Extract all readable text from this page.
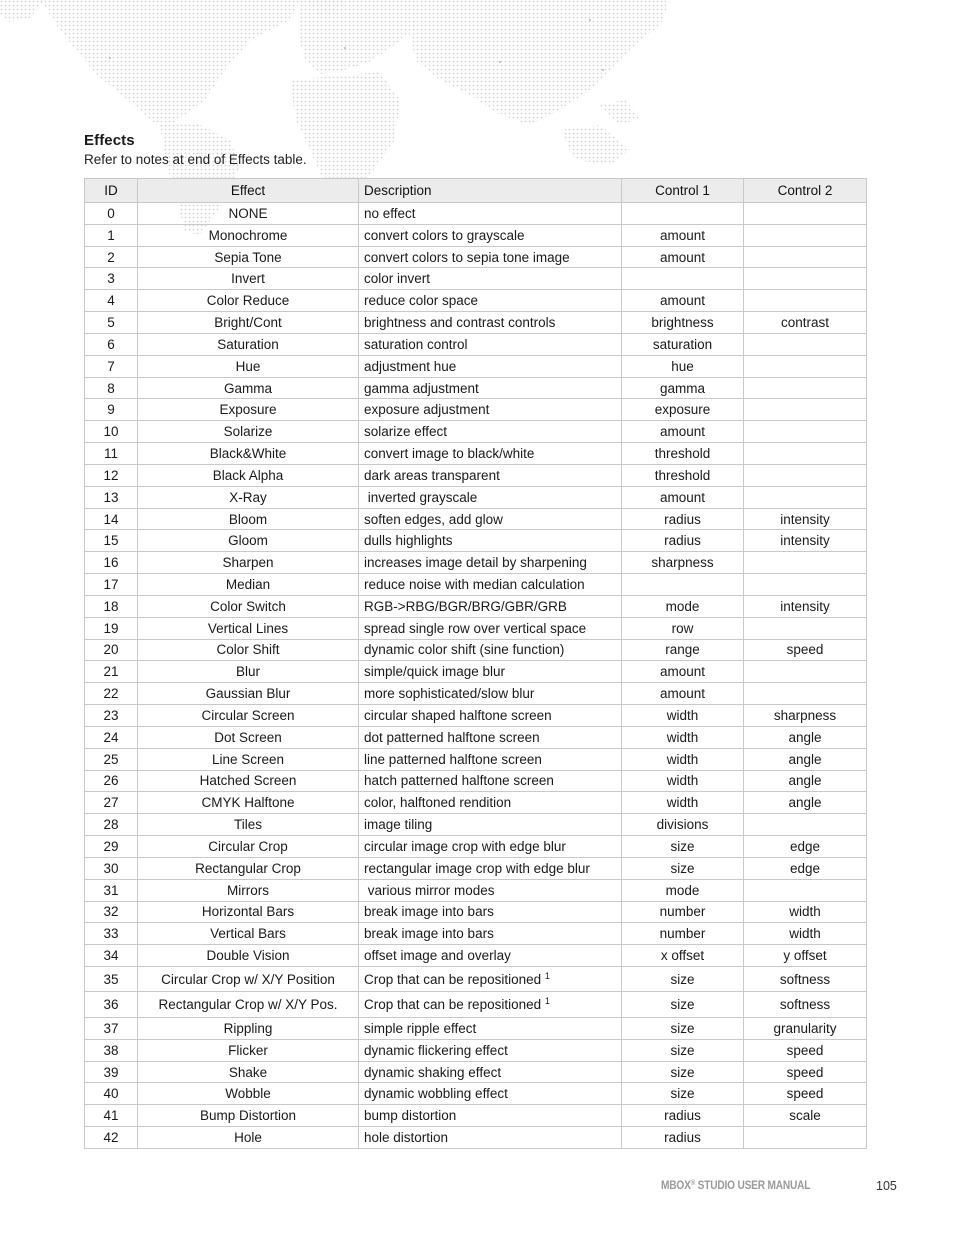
Effects
Refer to notes at end of Effects table.
ID	Effect	Description	Control 1	Control 2
0	NONE	no effect		
1	Monochrome	convert colors to grayscale	amount	
2	Sepia Tone	convert colors to sepia tone image	amount	
3	Invert	color invert		
4	Color Reduce	reduce color space	amount	
5	Bright/Cont	brightness and contrast controls	brightness	contrast
6	Saturation	saturation control	saturation	
7	Hue	adjustment hue	hue	
8	Gamma	gamma adjustment	gamma	
9	Exposure	exposure adjustment	exposure	
10	Solarize	solarize effect	amount	
11	Black&White	convert image to black/white	threshold	
12	Black Alpha	dark areas transparent	threshold	
13	X-Ray	inverted grayscale	amount	
14	Bloom	soften edges, add glow	radius	intensity
15	Gloom	dulls highlights	radius	intensity
16	Sharpen	increases image detail by sharpening	sharpness	
17	Median	reduce noise with median calculation		
18	Color Switch	RGB->RBG/BGR/BRG/GBR/GRB	mode	intensity
19	Vertical Lines	spread single row over vertical space	row	
20	Color Shift	dynamic color shift (sine function)	range	speed
21	Blur	simple/quick image blur	amount	
22	Gaussian Blur	more sophisticated/slow blur	amount	
23	Circular Screen	circular shaped halftone screen	width	sharpness
24	Dot Screen	dot patterned halftone screen	width	angle
25	Line Screen	line patterned halftone screen	width	angle
26	Hatched Screen	hatch patterned halftone screen	width	angle
27	CMYK Halftone	color, halftoned rendition	width	angle
28	Tiles	image tiling	divisions	
29	Circular Crop	circular image crop with edge blur	size	edge
30	Rectangular Crop	rectangular image crop with edge blur	size	edge
31	Mirrors	various mirror modes	mode	
32	Horizontal Bars	break image into bars	number	width
33	Vertical Bars	break image into bars	number	width
34	Double Vision	offset image and overlay	x offset	y offset
35	Circular Crop w/ X/Y Position	Crop that can be repositioned $^1$	size	softness
36	Rectangular Crop w/ X/Y Pos.	Crop that can be repositioned $^1$	size	softness
37	Rippling	simple ripple effect	size	granularity
38	Flicker	dynamic flickering effect	size	speed
39	Shake	dynamic shaking effect	size	speed
40	Wobble	dynamic wobbling effect	size	speed
41	Bump Distortion	bump distortion	radius	scale
42	Hole	hole distortion	radius	
MBOX® STUDIO USER MANUAL	105
